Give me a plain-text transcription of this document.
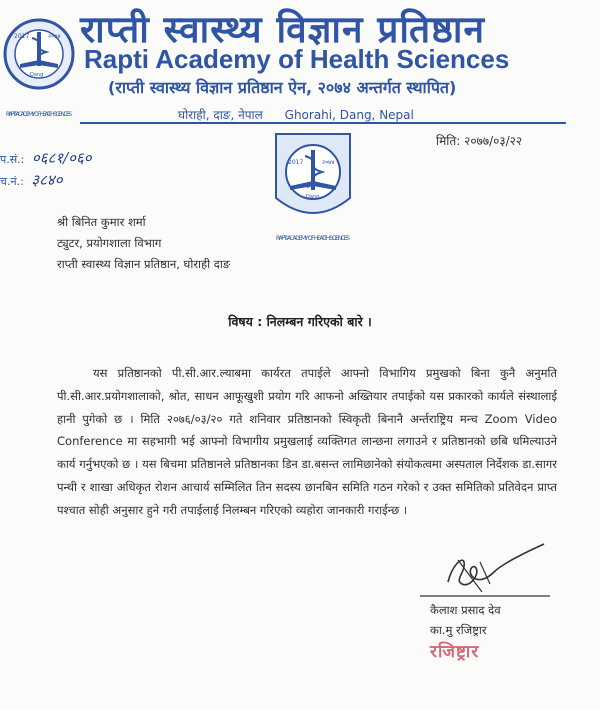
2017	२०७४
Dang
RAPTI ACADEMY OF HEALTH SCIENCES
राप्ती स्वास्थ्य विज्ञान प्रतिष्ठान
Rapti Academy of Health Sciences
(राप्ती स्वास्थ्य विज्ञान प्रतिष्ठान ऐन, २०७४ अन्तर्गत स्थापित)
घोराही, दाङ, नेपाल Ghorahi, Dang, Nepal
मिति: २०७७/०३/२२
प.सं.: ०६८१/०६०
च.नं.: ३८४०
2017	२०७४
Dang
RAPTI ACADEMY OF HEALTH SCIENCES
श्री बिनित कुमार शर्मा
ट्युटर, प्रयोगशाला विभाग
राप्ती स्वास्थ्य विज्ञान प्रतिष्ठान, घोराही दाङ
विषय : निलम्बन गरिएको बारे ।
यस प्रतिष्ठानको पी.सी.आर.ल्याबमा कार्यरत तपाईले आफ्नो विभागिय प्रमुखको बिना कुनै अनुमति पी.सी.आर.प्रयोगशालाको, श्रोत, साधन आफूखुशी प्रयोग गरि आफनो अख्तियार तपाईको यस प्रकारको कार्यले संस्थालाई हानी पुगेको छ । मिति २०७६/०३/२० गते शनिवार प्रतिष्ठानको स्विकृती बिनानै अर्न्तराष्ट्रिय मन्च Zoom Video Conference मा सहभागी भई आफ्नो विभागीय प्रमुखलाई व्यक्तिगत लान्छना लगाउने र प्रतिष्ठानको छबि धमिल्याउने कार्य गर्नुभएको छ । यस बिचमा प्रतिष्ठानले प्रतिष्ठानका डिन डा.बसन्त लामिछानेको संयोकत्वमा अस्पताल निर्देशक डा.सागर पन्थी र शाखा अधिकृत रोशन आचार्य सम्मिलित तिन सदस्य छानबिन समिति गठन गरेको र उक्त समितिको प्रतिवेदन प्राप्त पश्चात सोही अनुसार हुने गरी तपाईलाई निलम्बन गरिएको व्यहोरा जानकारी गराईन्छ ।
कैलाश प्रसाद देव
का.मु रजिष्ट्रार
रजिष्ट्रार
